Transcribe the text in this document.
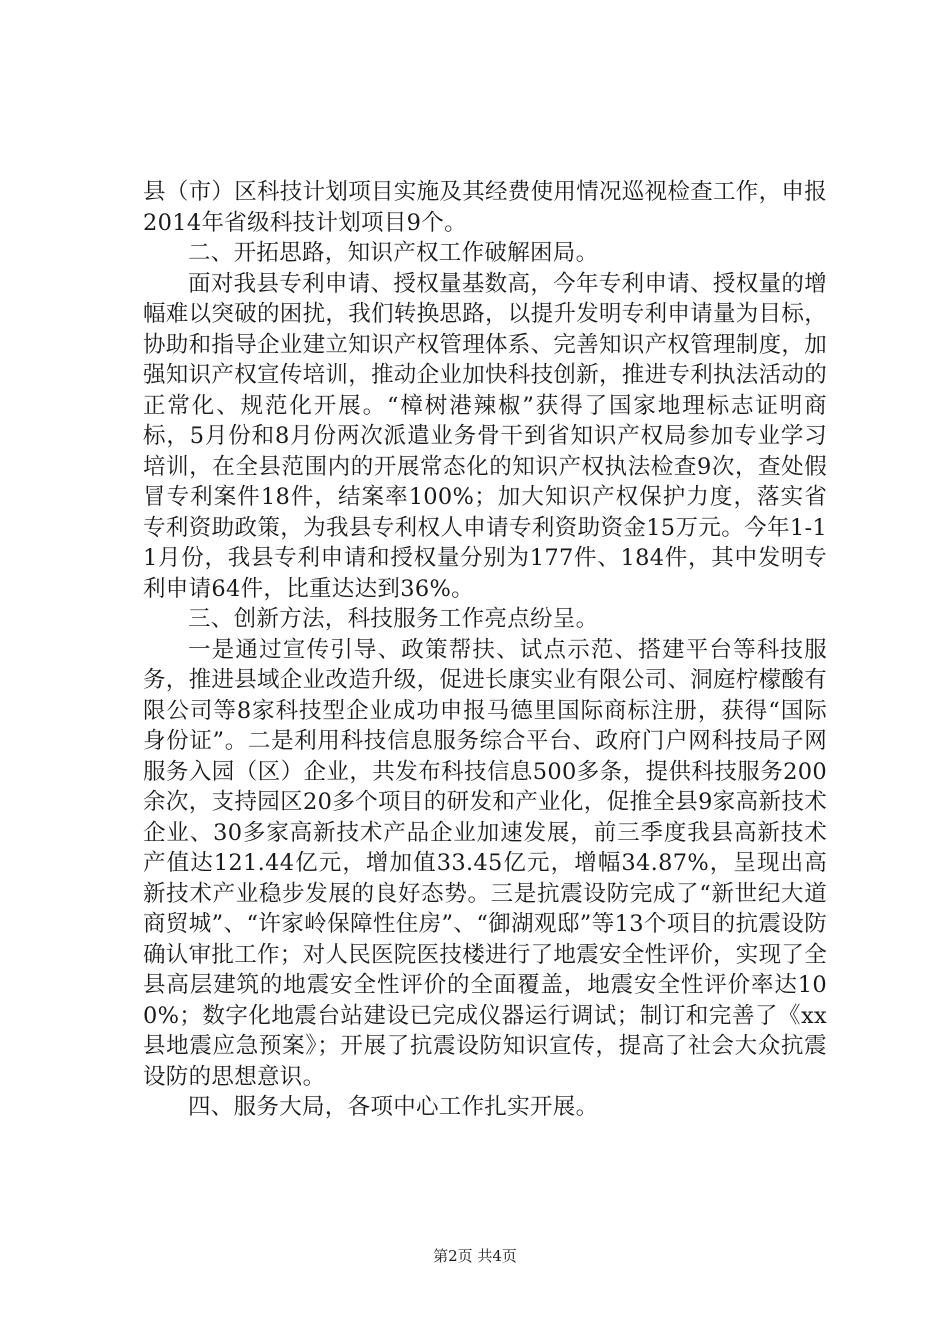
县（市）区科技计划项目实施及其经费使用情况巡视检查工作，申报2014年省级科技计划项目9个。

二、开拓思路，知识产权工作破解困局。

面对我县专利申请、授权量基数高，今年专利申请、授权量的增幅难以突破的困扰，我们转换思路，以提升发明专利申请量为目标，协助和指导企业建立知识产权管理体系、完善知识产权管理制度，加强知识产权宣传培训，推动企业加快科技创新，推进专利执法活动的正常化、规范化开展。“樟树港辣椒”获得了国家地理标志证明商标，5月份和8月份两次派遣业务骨干到省知识产权局参加专业学习培训，在全县范围内的开展常态化的知识产权执法检查9次，查处假冒专利案件18件，结案率100%；加大知识产权保护力度，落实省专利资助政策，为我县专利权人申请专利资助资金15万元。今年1-11月份，我县专利申请和授权量分别为177件、184件，其中发明专利申请64件，比重达达到36%。

三、创新方法，科技服务工作亮点纷呈。

一是通过宣传引导、政策帮扶、试点示范、搭建平台等科技服务，推进县域企业改造升级，促进长康实业有限公司、洞庭柠檬酸有限公司等8家科技型企业成功申报马德里国际商标注册，获得“国际身份证”。二是利用科技信息服务综合平台、政府门户网科技局子网服务入园（区）企业，共发布科技信息500多条，提供科技服务200余次，支持园区20多个项目的研发和产业化，促推全县9家高新技术企业、30多家高新技术产品企业加速发展，前三季度我县高新技术产值达121.44亿元，增加值33.45亿元，增幅34.87%，呈现出高新技术产业稳步发展的良好态势。三是抗震设防完成了“新世纪大道商贸城”、“许家岭保障性住房”、“御湖观邸”等13个项目的抗震设防确认审批工作；对人民医院医技楼进行了地震安全性评价，实现了全县高层建筑的地震安全性评价的全面覆盖，地震安全性评价率达100%；数字化地震台站建设已完成仪器运行调试；制订和完善了《xx县地震应急预案》；开展了抗震设防知识宣传，提高了社会大众抗震设防的思想意识。

四、服务大局，各项中心工作扎实开展。

第2页 共4页
